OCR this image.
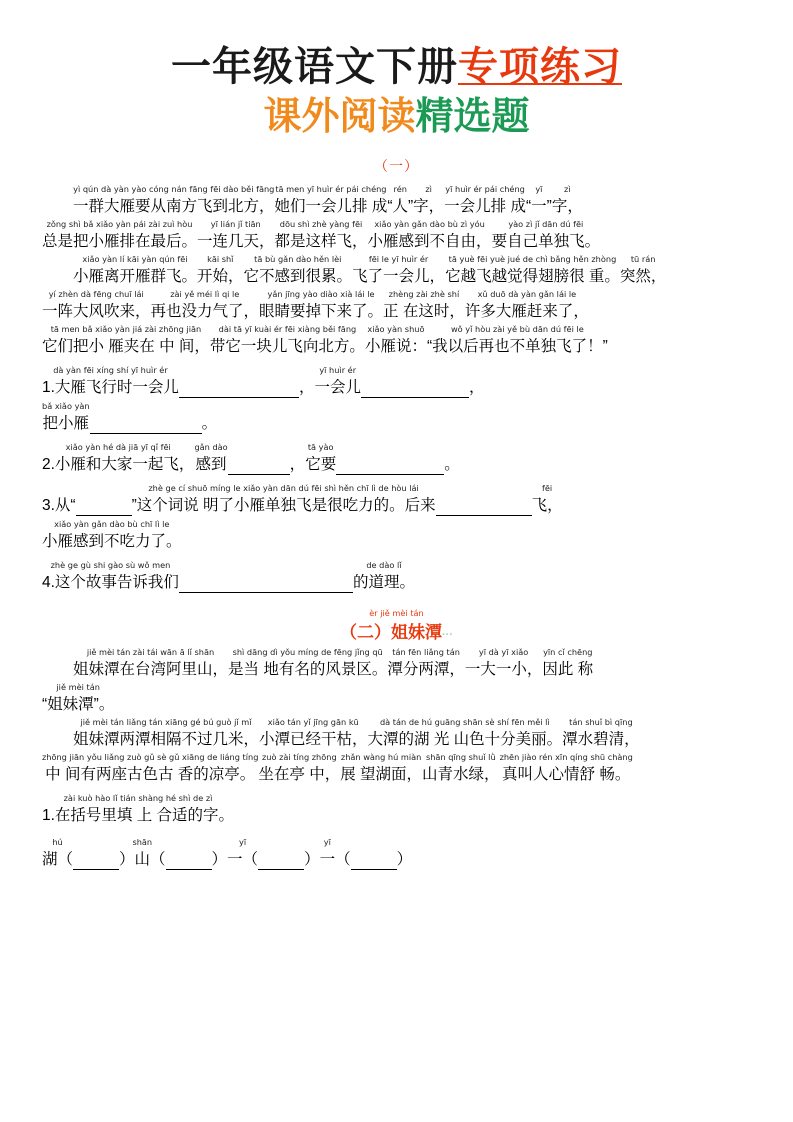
一年级语文下册专项练习
课外阅读精选题
（一）
yì qún dà yàn yào cóng nán fāng fēi dào běi fāng
一群大雁要从南方飞到北方，
tā men yī huìr ér pái chéng
她们一会儿排 成
rén
“人”
zì
字，
yī huìr ér pái chéng
一会儿排 成
yī
“一”
zì
字，
zǒng shì bǎ xiǎo yàn pái zài zuì hòu
总是把小雁排在最后。
yī lián jǐ tiān
一连几天，
dōu shì zhè yàng fēi
都是这样飞，
xiǎo yàn gǎn dào bù zì yóu
小雁感到不自由，
yào zì jǐ dān dú fēi
要自己单独飞。
xiǎo yàn lí kāi yàn qún fēi
小雁离开雁群飞。
kāi shǐ
开始，
tā bù gǎn dào hěn lèi
它不感到很累。
fēi le yī huìr ér
飞了一会儿，
tā yuè fēi yuè jué de chì bǎng hěn zhòng
它越飞越觉得翅膀很 重。
tū rán
突然，
yí zhèn dà fēng chuī lái
一阵大风吹来，
zài yě méi lì qi le
再也没力气了，
yǎn jīng yào diào xià lái le
眼睛要掉下来了。
zhèng zài zhè shí
正 在这时，
xǔ duō dà yàn gǎn lái le
许多大雁赶来了，
tā men bǎ xiǎo yàn jiá zài zhōng jiān
它们把小 雁夹在 中 间，
dài tā yī kuài ér fēi xiàng běi fāng
带它一块儿飞向北方。
xiǎo yàn shuō
小雁说：
wǒ yǐ hòu zài yě bù dān dú fēi le
“我以后再也不单独飞了！”
dà yàn fēi xíng shí yī huìr ér
1.大雁飞行时一会儿

	，
yī huìr ér
一会儿

	，
bǎ xiǎo yàn
把小雁

	。
xiǎo yàn hé dà jiā yī qǐ fēi
2.小雁和大家一起飞，
gǎn dào
感到

	，
tā yào
它要

	。

3.从“

zhè ge cí shuō míng le xiǎo yàn dān dú fēi shì hěn chī lì de hòu lái
”这个词说 明了小雁单独飞是很吃力的。后来

fēi
飞，
xiǎo yàn gǎn dào bù chī lì le
小雁感到不吃力了。
zhè ge gù shi gào sù wǒ men
4.这个故事告诉我们

de dào lǐ
的道理。
èr jiě mèi tán
（二）姐妹潭···
jiě mèi tán zài tái wān ā lǐ shān
姐妹潭在台湾阿里山，
shì dāng dì yǒu míng de fēng jǐng qū
是当 地有名的风景区。
tán fēn liǎng tán
潭分两潭，
yī dà yī xiǎo
一大一小，
yīn cǐ chēng
因此 称
jiě mèi tán
“姐妹潭”。
jiě mèi tán liǎng tán xiāng gé bú guò jǐ mǐ
姐妹潭两潭相隔不过几米，
xiǎo tán yǐ jīng gān kū
小潭已经干枯，
dà tán de hú guāng shān sè shí fēn měi lì
大潭的湖 光 山色十分美丽。
tán shuǐ bì qīng
潭水碧清，
zhōng jiān yǒu liǎng zuò gǔ sè gǔ xiāng de liáng tíng
中 间有两座古色古 香的凉亭。
zuò zài tíng zhōng
坐在亭 中，
zhǎn wàng hú miàn
展 望湖面，
shān qīng shuǐ lǜ
山青水绿，
zhēn jiào rén xīn qíng shū chàng
真叫人心情舒 畅。
zài kuò hào lǐ tián shàng hé shì de zì
1.在括号里填 上 合适的字。
hú
湖（

shān
）山（

	）
yī
一（

yī
）一（

	）
